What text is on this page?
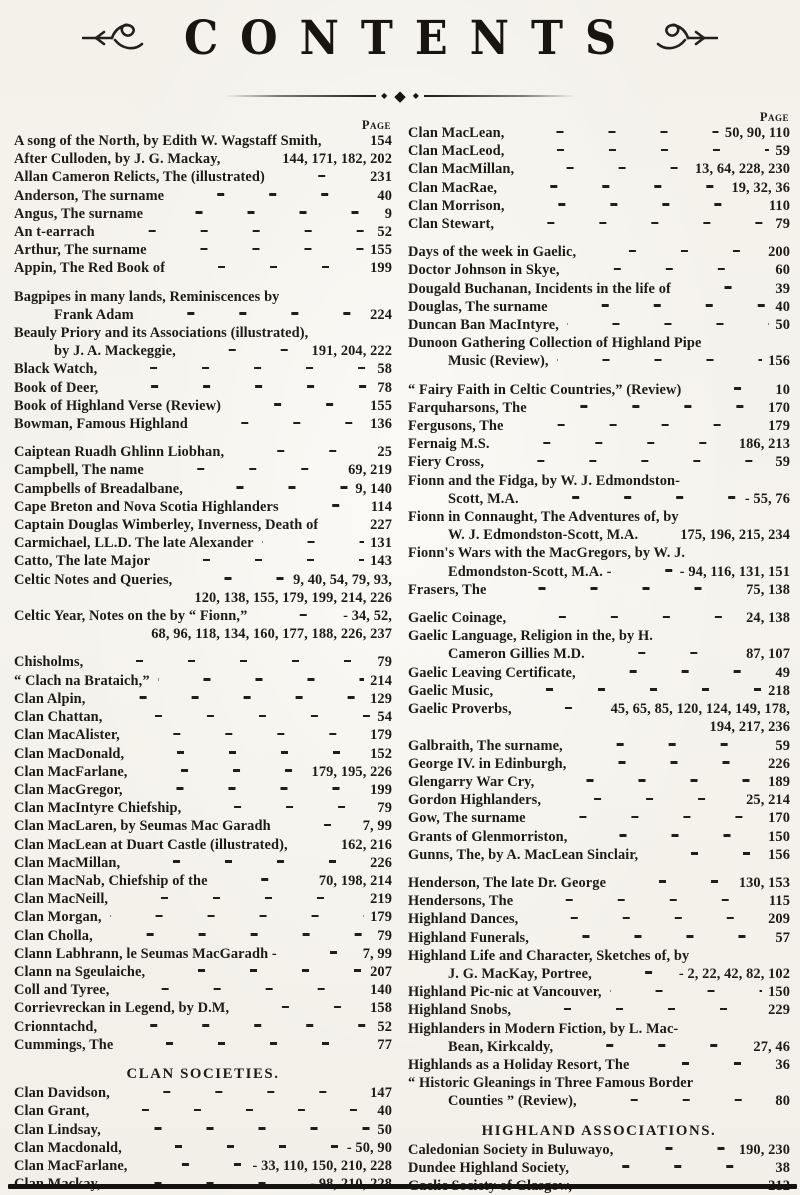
CONTENTS
◆ ◆ ◆
Page
A song of the North, by Edith W. Wagstaff Smith,	154
After Culloden, by J. G. Mackay,	144, 171, 182, 202
Allan Cameron Relicts, The (illustrated)	231
Anderson, The surname	40
Angus, The surname	9
An t-earrach	52
Arthur, The surname	155
Appin, The Red Book of	199
Bagpipes in many lands, Reminiscences by
Frank Adam	224
Beauly Priory and its Associations (illustrated),
by J. A. Mackeggie,	191, 204, 222
Black Watch,	58
Book of Deer,	78
Book of Highland Verse (Review)	155
Bowman, Famous Highland	136
Caiptean Ruadh Ghlinn Liobhan,	25
Campbell, The name	69, 219
Campbells of Breadalbane,	9, 140
Cape Breton and Nova Scotia Highlanders	114
Captain Douglas Wimberley, Inverness, Death of	227
Carmichael, LL.D. The late Alexander	131
Catto, The late Major	143
Celtic Notes and Queries,	9, 40, 54, 79, 93,
120, 138, 155, 179, 199, 214, 226
Celtic Year, Notes on the by “ Fionn,”	- 34, 52,
68, 96, 118, 134, 160, 177, 188, 226, 237
Chisholms,	79
“ Clach na Brataich,”	214
Clan Alpin,	129
Clan Chattan,	54
Clan MacAlister,	179
Clan MacDonald,	152
Clan MacFarlane,	179, 195, 226
Clan MacGregor,	199
Clan MacIntyre Chiefship,	79
Clan MacLaren, by Seumas Mac Garadh	7, 99
Clan MacLean at Duart Castle (illustrated),	162, 216
Clan MacMillan,	226
Clan MacNab, Chiefship of the	70, 198, 214
Clan MacNeill,	219
Clan Morgan,	179
Clan Cholla,	79
Clann Labhrann, le Seumas MacGaradh -	7, 99
Clann na Sgeulaiche,	207
Coll and Tyree,	140
Corrievreckan in Legend, by D.M,	158
Crionntachd,	52
Cummings, The	77
CLAN SOCIETIES.
Clan Davidson,	147
Clan Grant,	40
Clan Lindsay,	50
Clan Macdonald,	- 50, 90
Clan MacFarlane,	- 33, 110, 150, 210, 228
Page
Clan MacLean,	50, 90, 110
Clan MacLeod,	59
Clan MacMillan,	13, 64, 228, 230
Clan MacRae,	19, 32, 36
Clan Morrison,	110
Clan Stewart,	79
Days of the week in Gaelic,	200
Doctor Johnson in Skye,	60
Dougald Buchanan, Incidents in the life of	39
Douglas, The surname	40
Duncan Ban MacIntyre,	50
Dunoon Gathering Collection of Highland Pipe
Music (Review),	156
“ Fairy Faith in Celtic Countries,” (Review)	10
Farquharsons, The	170
Fergusons, The	179
Fernaig M.S.	186, 213
Fiery Cross,	59
Fionn and the Fidga, by W. J. Edmondston-
Scott, M.A.	- 55, 76
Fionn in Connaught, The Adventures of, by
W. J. Edmondston-Scott, M.A.	175, 196, 215, 234
Fionn's Wars with the MacGregors, by W. J.
Edmondston-Scott, M.A. -	- 94, 116, 131, 151
Frasers, The	75, 138
Gaelic Coinage,	24, 138
Gaelic Language, Religion in the, by H.
Cameron Gillies M.D.	87, 107
Gaelic Leaving Certificate,	49
Gaelic Music,	218
Gaelic Proverbs,	45, 65, 85, 120, 124, 149, 178,
194, 217, 236
Galbraith, The surname,	59
George IV. in Edinburgh,	226
Glengarry War Cry,	189
Gordon Highlanders,	25, 214
Gow, The surname	170
Grants of Glenmorriston,	150
Gunns, The, by A. MacLean Sinclair,	156
Henderson, The late Dr. George	130, 153
Hendersons, The	115
Highland Dances,	209
Highland Funerals,	57
Highland Life and Character, Sketches of, by
J. G. MacKay, Portree,	- 2, 22, 42, 82, 102
Highland Pic-nic at Vancouver,	150
Highland Snobs,	229
Highlanders in Modern Fiction, by L. Mac-
Bean, Kirkcaldy,	27, 46
Highlands as a Holiday Resort, The	36
“ Historic Gleanings in Three Famous Border
Counties ” (Review),	80
HIGHLAND ASSOCIATIONS.
Caledonian Society in Buluwayo,	190, 230
Dundee Highland Society,	38
